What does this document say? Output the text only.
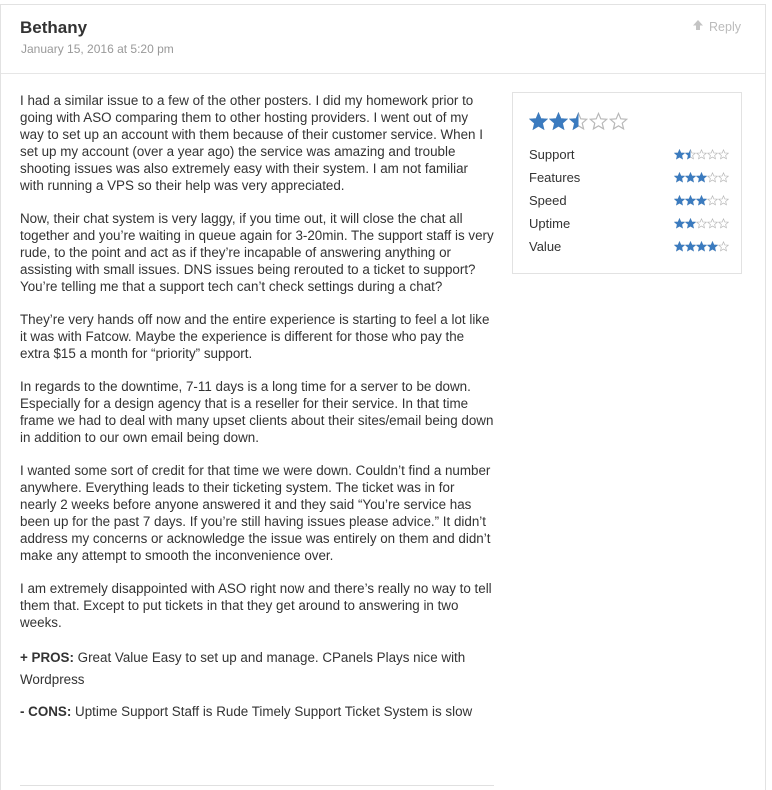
Bethany
January 15, 2016 at 5:20 pm
Reply

I had a similar issue to a few of the other posters. I did my homework prior to going with ASO comparing them to other hosting providers. I went out of my way to set up an account with them because of their customer service. When I set up my account (over a year ago) the service was amazing and trouble shooting issues was also extremely easy with their system. I am not familiar with running a VPS so their help was very appreciated.

Now, their chat system is very laggy, if you time out, it will close the chat all together and you’re waiting in queue again for 3-20min. The support staff is very rude, to the point and act as if they’re incapable of answering anything or assisting with small issues. DNS issues being rerouted to a ticket to support? You’re telling me that a support tech can’t check settings during a chat?

They’re very hands off now and the entire experience is starting to feel a lot like it was with Fatcow. Maybe the experience is different for those who pay the extra $15 a month for “priority” support.

In regards to the downtime, 7-11 days is a long time for a server to be down. Especially for a design agency that is a reseller for their service. In that time frame we had to deal with many upset clients about their sites/email being down in addition to our own email being down.

I wanted some sort of credit for that time we were down. Couldn’t find a number anywhere. Everything leads to their ticketing system. The ticket was in for nearly 2 weeks before anyone answered it and they said “You’re service has been up for the past 7 days. If you’re still having issues please advice.” It didn’t address my concerns or acknowledge the issue was entirely on them and didn’t make any attempt to smooth the inconvenience over.

I am extremely disappointed with ASO right now and there’s really no way to tell them that. Except to put tickets in that they get around to answering in two weeks.

+ PROS: Great Value Easy to set up and manage. CPanels Plays nice with Wordpress
- CONS: Uptime Support Staff is Rude Timely Support Ticket System is slow
Support
Features
Speed
Uptime
Value
